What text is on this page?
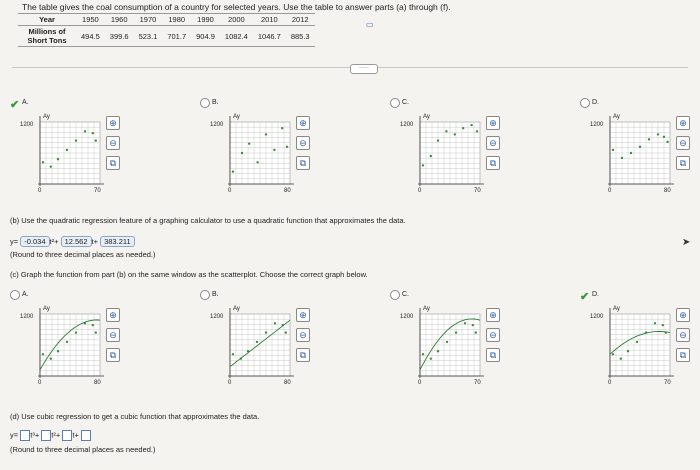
The table gives the coal consumption of a country for selected years. Use the table to answer parts (a) through (f).
Year	1950	1960	1970	1980	1990	2000	2010	2012
Millions of Short Tons	494.5	399.6	523.1	701.7	904.9	1082.4	1046.7	885.3
▭
·····
✔ A.
1200
Ay
0	70
⊕
⊖
⧉
B.
1200
Ay
0	80
⊕
⊖
⧉
C.
1200
Ay
0	70
⊕
⊖
⧉
D.
1200
Ay
0	80
⊕
⊖
⧉
(b) Use the quadratic regression feature of a graphing calculator to use a quadratic function that approximates the data.
y= -0.034 t²+ 12.562 t+ 383.211
(Round to three decimal places as needed.)
(c) Graph the function from part (b) on the same window as the scatterplot. Choose the correct graph below.
A.
1200
Ay
0	80
⊕
⊖
⧉
B.
1200
Ay
0	80
⊕
⊖
⧉
C.
1200
Ay
0	70
⊕
⊖
⧉
✔ D.
1200
Ay
0	70
⊕
⊖
⧉
(d) Use cubic regression to get a cubic function that approximates the data.
y= t³+ t²+ t+
(Round to three decimal places as needed.)
➤
